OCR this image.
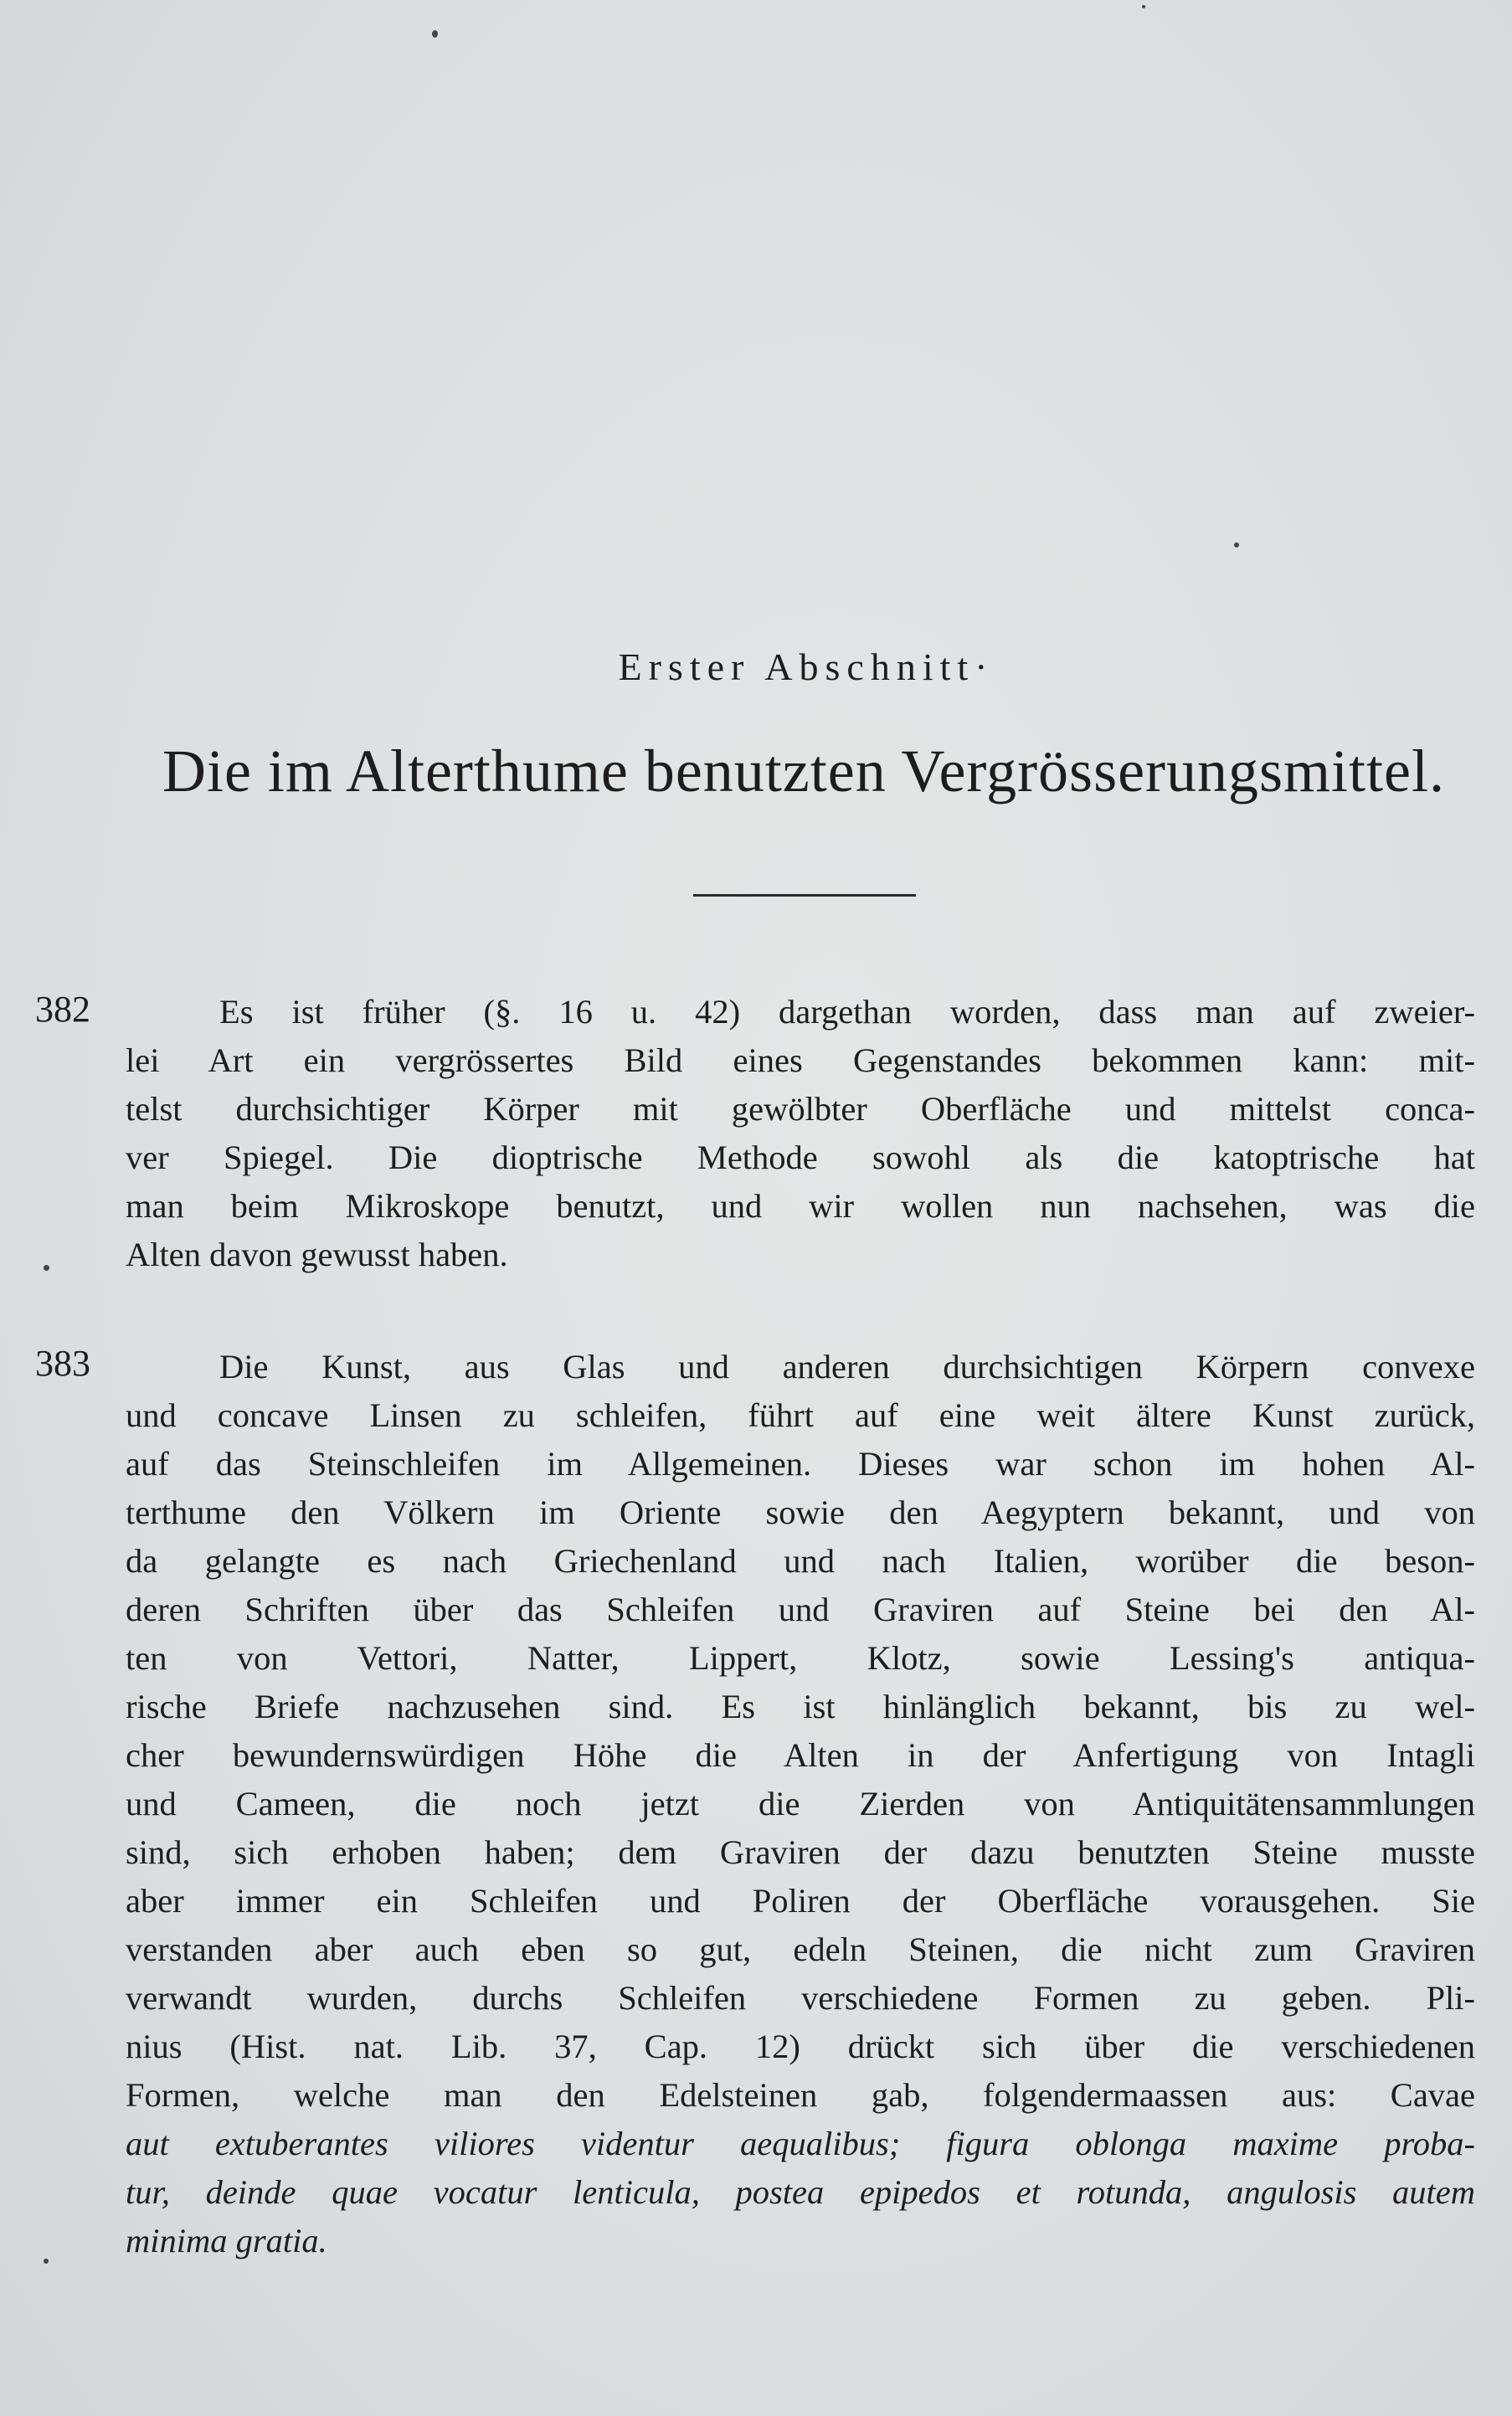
Erster Abschnitt·
Die im Alterthume benutzten Vergrösserungsmittel.
382	Es ist früher (§. 16 u. 42) dargethan worden, dass man auf zweier-
lei Art ein vergrössertes Bild eines Gegenstandes bekommen kann: mit-
telst durchsichtiger Körper mit gewölbter Oberfläche und mittelst conca-
ver Spiegel. Die dioptrische Methode sowohl als die katoptrische hat
man beim Mikroskope benutzt, und wir wollen nun nachsehen, was die
Alten davon gewusst haben.
383	Die Kunst, aus Glas und anderen durchsichtigen Körpern convexe
und concave Linsen zu schleifen, führt auf eine weit ältere Kunst zurück,
auf das Steinschleifen im Allgemeinen. Dieses war schon im hohen Al-
terthume den Völkern im Oriente sowie den Aegyptern bekannt, und von
da gelangte es nach Griechenland und nach Italien, worüber die beson-
deren Schriften über das Schleifen und Graviren auf Steine bei den Al-
ten von Vettori, Natter, Lippert, Klotz, sowie Lessing's antiqua-
rische Briefe nachzusehen sind. Es ist hinlänglich bekannt, bis zu wel-
cher bewundernswürdigen Höhe die Alten in der Anfertigung von Intagli
und Cameen, die noch jetzt die Zierden von Antiquitätensammlungen
sind, sich erhoben haben; dem Graviren der dazu benutzten Steine musste
aber immer ein Schleifen und Poliren der Oberfläche vorausgehen. Sie
verstanden aber auch eben so gut, edeln Steinen, die nicht zum Graviren
verwandt wurden, durchs Schleifen verschiedene Formen zu geben. Pli-
nius (Hist. nat. Lib. 37, Cap. 12) drückt sich über die verschiedenen
Formen, welche man den Edelsteinen gab, folgendermaassen aus: Cavae
aut extuberantes viliores videntur aequalibus; figura oblonga maxime proba-
tur, deinde quae vocatur lenticula, postea epipedos et rotunda, angulosis autem
minima gratia.
